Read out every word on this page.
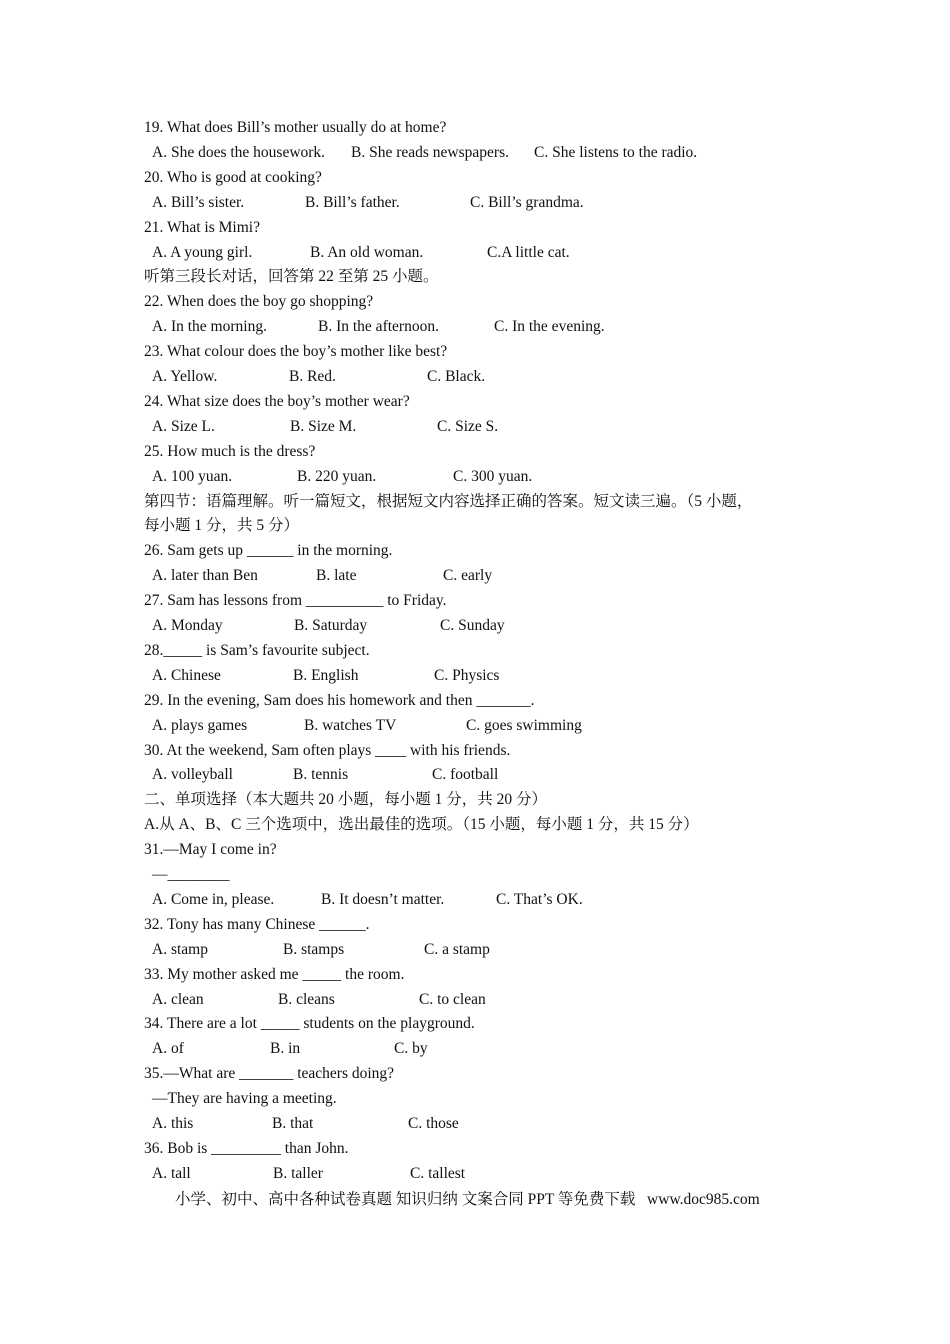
19. What does Bill’s mother usually do at home?
A. She does the housework. B. She reads newspapers. C. She listens to the radio.
20. Who is good at cooking?
A. Bill’s sister.	B. Bill’s father.	C. Bill’s grandma.
21. What is Mimi?
A. A young girl.	B. An old woman.	C.A little cat.
听第三段长对话，回答第 22 至第 25 小题。
22. When does the boy go shopping?
A. In the morning.	B. In the afternoon.	C. In the evening.
23. What colour does the boy’s mother like best?
A. Yellow.	B. Red.	C. Black.
24. What size does the boy’s mother wear?
A. Size L.	B. Size M.	C. Size S.
25. How much is the dress?
A. 100 yuan.	B. 220 yuan.	C. 300 yuan.
第四节：语篇理解。听一篇短文，根据短文内容选择正确的答案。短文读三遍。（5 小题，
每小题 1 分，共 5 分）
26. Sam gets up ______ in the morning.
A. later than Ben	B. late	C. early
27. Sam has lessons from __________ to Friday.
A. Monday	B. Saturday	C. Sunday
28._____ is Sam’s favourite subject.
A. Chinese	B. English	C. Physics
29. In the evening, Sam does his homework and then _______.
A. plays games	B. watches TV	C. goes swimming
30. At the weekend, Sam often plays ____ with his friends.
A. volleyball	B. tennis	C. football
二、单项选择（本大题共 20 小题，每小题 1 分，共 20 分）
A.从 A、B、C 三个选项中，选出最佳的选项。（15 小题，每小题 1 分，共 15 分）
31.—May I come in?
—________
A. Come in, please.	B. It doesn’t matter.	C. That’s OK.
32. Tony has many Chinese ______.
A. stamp	B. stamps	C. a stamp
33. My mother asked me _____ the room.
A. clean	B. cleans	C. to clean
34. There are a lot _____ students on the playground.
A. of	B. in	C. by
35.—What are _______ teachers doing?
—They are having a meeting.
A. this	B. that	C. those
36. Bob is _________ than John.
A. tall	B. taller	C. tallest
小学、初中、高中各种试卷真题 知识归纳 文案合同 PPT 等免费下载   www.doc985.com
